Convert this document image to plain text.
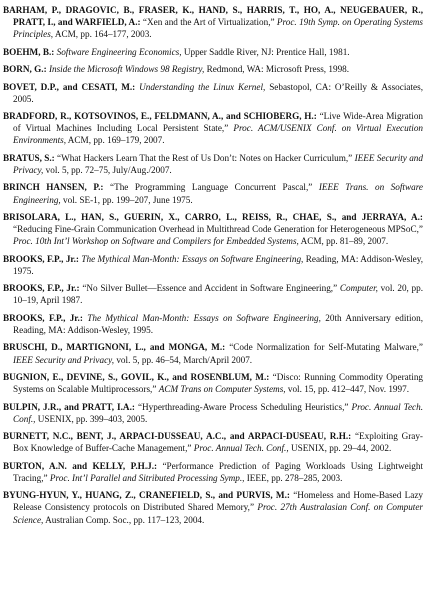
BARHAM, P., DRAGOVIC, B., FRASER, K., HAND, S., HARRIS, T., HO, A., NEUGEBAUER, R., PRATT, I., and WARFIELD, A.: “Xen and the Art of Virtualization,” Proc. 19th Symp. on Operating Systems Principles, ACM, pp. 164–177, 2003.
BOEHM, B.: Software Engineering Economics, Upper Saddle River, NJ: Prentice Hall, 1981.
BORN, G.: Inside the Microsoft Windows 98 Registry, Redmond, WA: Microsoft Press, 1998.
BOVET, D.P., and CESATI, M.: Understanding the Linux Kernel, Sebastopol, CA: O’Reilly & Associates, 2005.
BRADFORD, R., KOTSOVINOS, E., FELDMANN, A., and SCHIOBERG, H.: “Live Wide-Area Migration of Virtual Machines Including Local Persistent State,” Proc. ACM/USENIX Conf. on Virtual Execution Environments, ACM, pp. 169–179, 2007.
BRATUS, S.: “What Hackers Learn That the Rest of Us Don’t: Notes on Hacker Curriculum,” IEEE Security and Privacy, vol. 5, pp. 72–75, July/Aug./2007.
BRINCH HANSEN, P.: “The Programming Language Concurrent Pascal,” IEEE Trans. on Software Engineering, vol. SE-1, pp. 199–207, June 1975.
BRISOLARA, L., HAN, S., GUERIN, X., CARRO, L., REISS, R., CHAE, S., and JERRAYA, A.: “Reducing Fine-Grain Communication Overhead in Multithread Code Generation for Heterogeneous MPSoC,” Proc. 10th Int’l Workshop on Software and Compilers for Embedded Systems, ACM, pp. 81–89, 2007.
BROOKS, F.P., Jr.: The Mythical Man-Month: Essays on Software Engineering, Reading, MA: Addison-Wesley, 1975.
BROOKS, F.P., Jr.: “No Silver Bullet—Essence and Accident in Software Engineering,” Computer, vol. 20, pp. 10–19, April 1987.
BROOKS, F.P., Jr.: The Mythical Man-Month: Essays on Software Engineering, 20th Anniversary edition, Reading, MA: Addison-Wesley, 1995.
BRUSCHI, D., MARTIGNONI, L., and MONGA, M.: “Code Normalization for Self-Mutating Malware,” IEEE Security and Privacy, vol. 5, pp. 46–54, March/April 2007.
BUGNION, E., DEVINE, S., GOVIL, K., and ROSENBLUM, M.: “Disco: Running Commodity Operating Systems on Scalable Multiprocessors,” ACM Trans on Computer Systems, vol. 15, pp. 412–447, Nov. 1997.
BULPIN, J.R., and PRATT, I.A.: “Hyperthreading-Aware Process Scheduling Heuristics,” Proc. Annual Tech. Conf., USENIX, pp. 399–403, 2005.
BURNETT, N.C., BENT, J., ARPACI-DUSSEAU, A.C., and ARPACI-DUSEAU, R.H.: “Exploiting Gray-Box Knowledge of Buffer-Cache Management,” Proc. Annual Tech. Conf., USENIX, pp. 29–44, 2002.
BURTON, A.N. and KELLY, P.H.J.: “Performance Prediction of Paging Workloads Using Lightweight Tracing,” Proc. Int’l Parallel and Sitributed Processing Symp., IEEE, pp. 278–285, 2003.
BYUNG-HYUN, Y., HUANG, Z., CRANEFIELD, S., and PURVIS, M.: “Homeless and Home-Based Lazy Release Consistency protocols on Distributed Shared Memory,” Proc. 27th Australasian Conf. on Computer Science, Australian Comp. Soc., pp. 117–123, 2004.
